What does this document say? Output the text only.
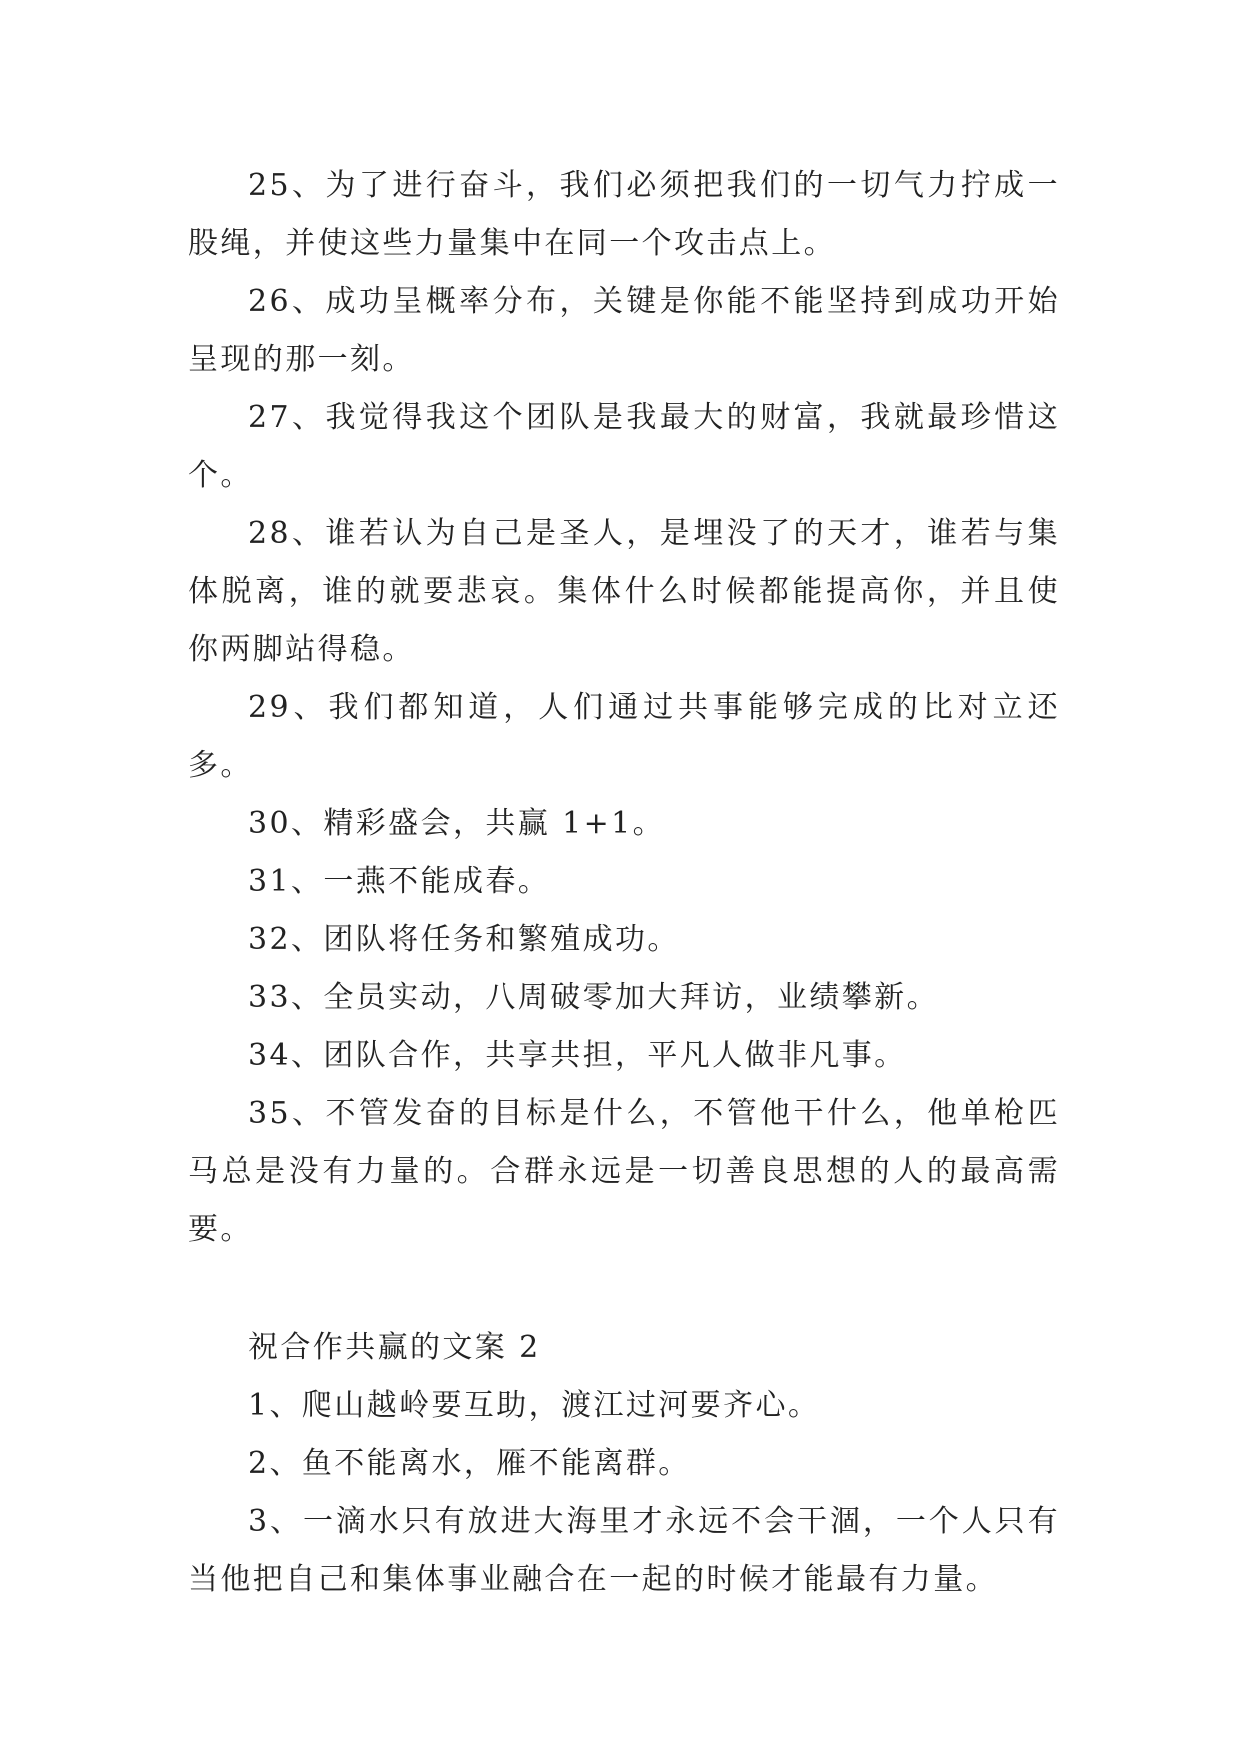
25、为了进行奋斗，我们必须把我们的一切气力拧成一股绳，并使这些力量集中在同一个攻击点上。

26、成功呈概率分布，关键是你能不能坚持到成功开始呈现的那一刻。

27、我觉得我这个团队是我最大的财富，我就最珍惜这个。

28、谁若认为自己是圣人，是埋没了的天才，谁若与集体脱离，谁的就要悲哀。集体什么时候都能提高你，并且使你两脚站得稳。

29、我们都知道，人们通过共事能够完成的比对立还多。

30、精彩盛会，共赢 1+1。

31、一燕不能成春。

32、团队将任务和繁殖成功。

33、全员实动，八周破零加大拜访，业绩攀新。

34、团队合作，共享共担，平凡人做非凡事。

35、不管发奋的目标是什么，不管他干什么，他单枪匹马总是没有力量的。合群永远是一切善良思想的人的最高需要。

祝合作共赢的文案 2

1、爬山越岭要互助，渡江过河要齐心。

2、鱼不能离水，雁不能离群。

3、一滴水只有放进大海里才永远不会干涸，一个人只有当他把自己和集体事业融合在一起的时候才能最有力量。
